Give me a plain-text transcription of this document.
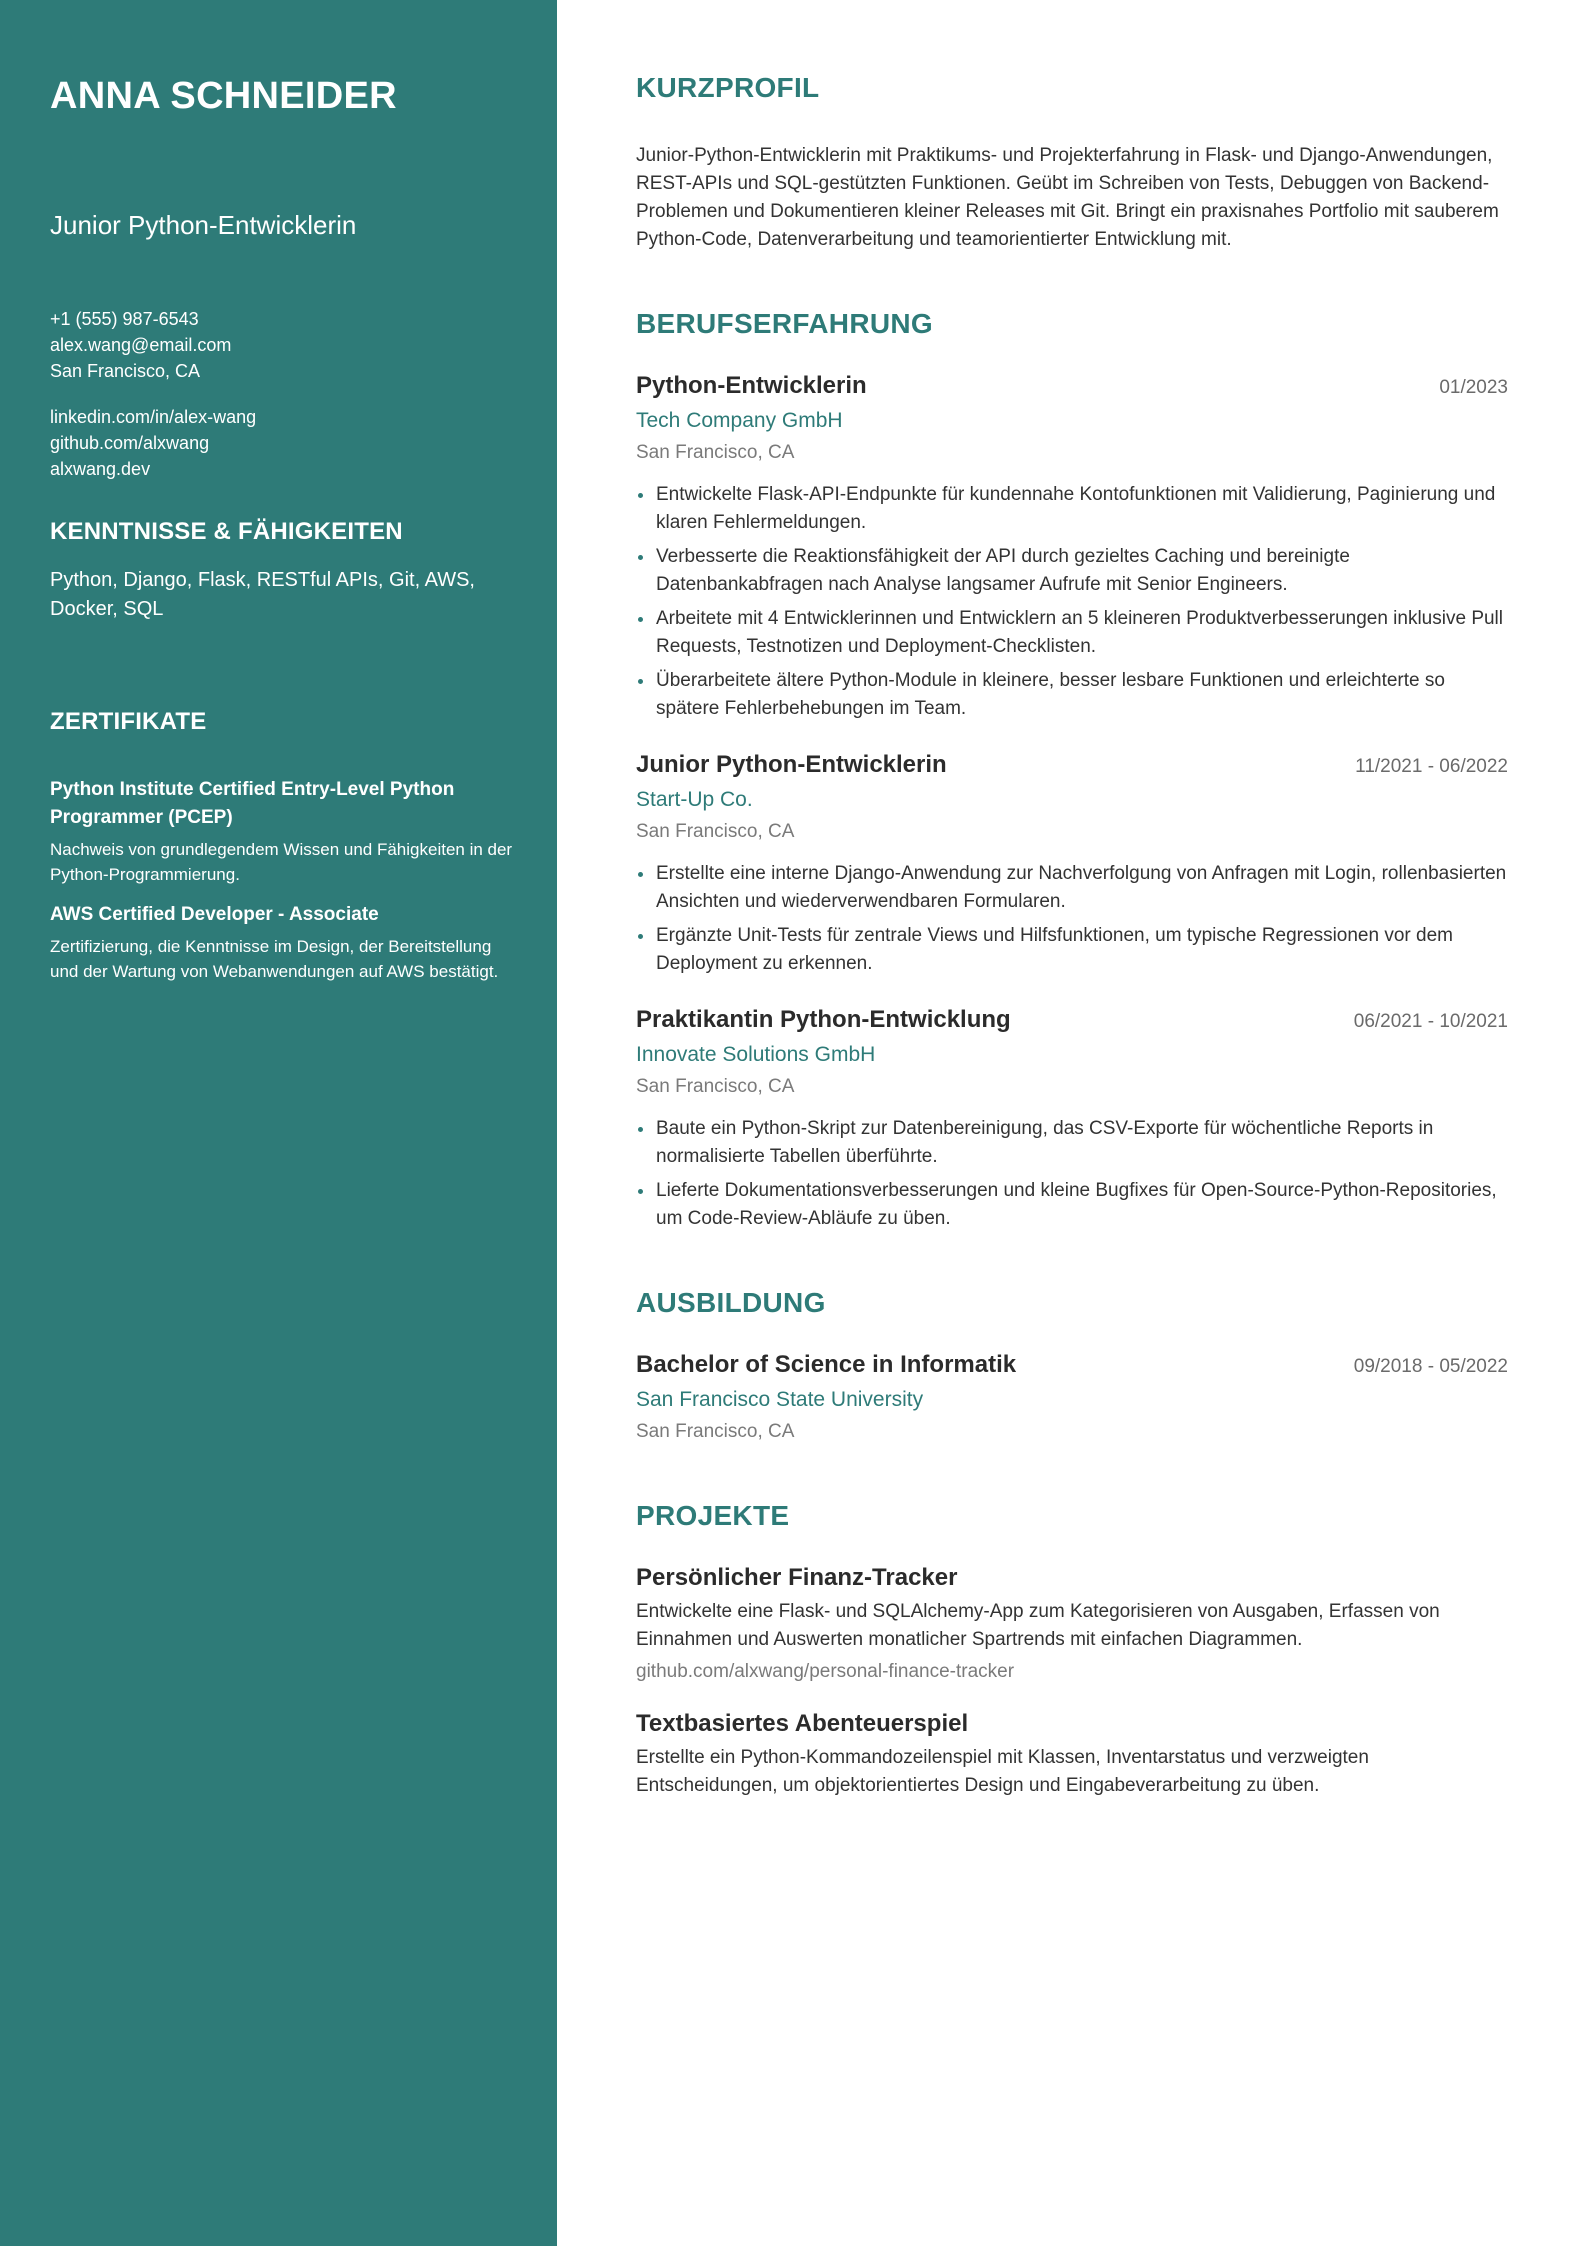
ANNA SCHNEIDER
Junior Python-Entwicklerin
+1 (555) 987-6543
alex.wang@email.com
San Francisco, CA
linkedin.com/in/alex-wang
github.com/alxwang
alxwang.dev
KENNTNISSE & FÄHIGKEITEN
Python, Django, Flask, RESTful APIs, Git, AWS, Docker, SQL
ZERTIFIKATE
Python Institute Certified Entry-Level Python Programmer (PCEP)
Nachweis von grundlegendem Wissen und Fähigkeiten in der Python-Programmierung.
AWS Certified Developer - Associate
Zertifizierung, die Kenntnisse im Design, der Bereitstellung und der Wartung von Webanwendungen auf AWS bestätigt.
KURZPROFIL
Junior-Python-Entwicklerin mit Praktikums- und Projekterfahrung in Flask- und Django-Anwendungen, REST-APIs und SQL-gestützten Funktionen. Geübt im Schreiben von Tests, Debuggen von Backend-Problemen und Dokumentieren kleiner Releases mit Git. Bringt ein praxisnahes Portfolio mit sauberem Python-Code, Datenverarbeitung und teamorientierter Entwicklung mit.
BERUFSERFAHRUNG
Python-Entwicklerin	01/2023
Tech Company GmbH
San Francisco, CA
Entwickelte Flask-API-Endpunkte für kundennahe Kontofunktionen mit Validierung, Paginierung und klaren Fehlermeldungen.
Verbesserte die Reaktionsfähigkeit der API durch gezieltes Caching und bereinigte Datenbankabfragen nach Analyse langsamer Aufrufe mit Senior Engineers.
Arbeitete mit 4 Entwicklerinnen und Entwicklern an 5 kleineren Produktverbesserungen inklusive Pull Requests, Testnotizen und Deployment-Checklisten.
Überarbeitete ältere Python-Module in kleinere, besser lesbare Funktionen und erleichterte so spätere Fehlerbehebungen im Team.
Junior Python-Entwicklerin	11/2021 - 06/2022
Start-Up Co.
San Francisco, CA
Erstellte eine interne Django-Anwendung zur Nachverfolgung von Anfragen mit Login, rollenbasierten Ansichten und wiederverwendbaren Formularen.
Ergänzte Unit-Tests für zentrale Views und Hilfsfunktionen, um typische Regressionen vor dem Deployment zu erkennen.
Praktikantin Python-Entwicklung	06/2021 - 10/2021
Innovate Solutions GmbH
San Francisco, CA
Baute ein Python-Skript zur Datenbereinigung, das CSV-Exporte für wöchentliche Reports in normalisierte Tabellen überführte.
Lieferte Dokumentationsverbesserungen und kleine Bugfixes für Open-Source-Python-Repositories, um Code-Review-Abläufe zu üben.
AUSBILDUNG
Bachelor of Science in Informatik	09/2018 - 05/2022
San Francisco State University
San Francisco, CA
PROJEKTE
Persönlicher Finanz-Tracker
Entwickelte eine Flask- und SQLAlchemy-App zum Kategorisieren von Ausgaben, Erfassen von Einnahmen und Auswerten monatlicher Spartrends mit einfachen Diagrammen.
github.com/alxwang/personal-finance-tracker
Textbasiertes Abenteuerspiel
Erstellte ein Python-Kommandozeilenspiel mit Klassen, Inventarstatus und verzweigten Entscheidungen, um objektorientiertes Design und Eingabeverarbeitung zu üben.
